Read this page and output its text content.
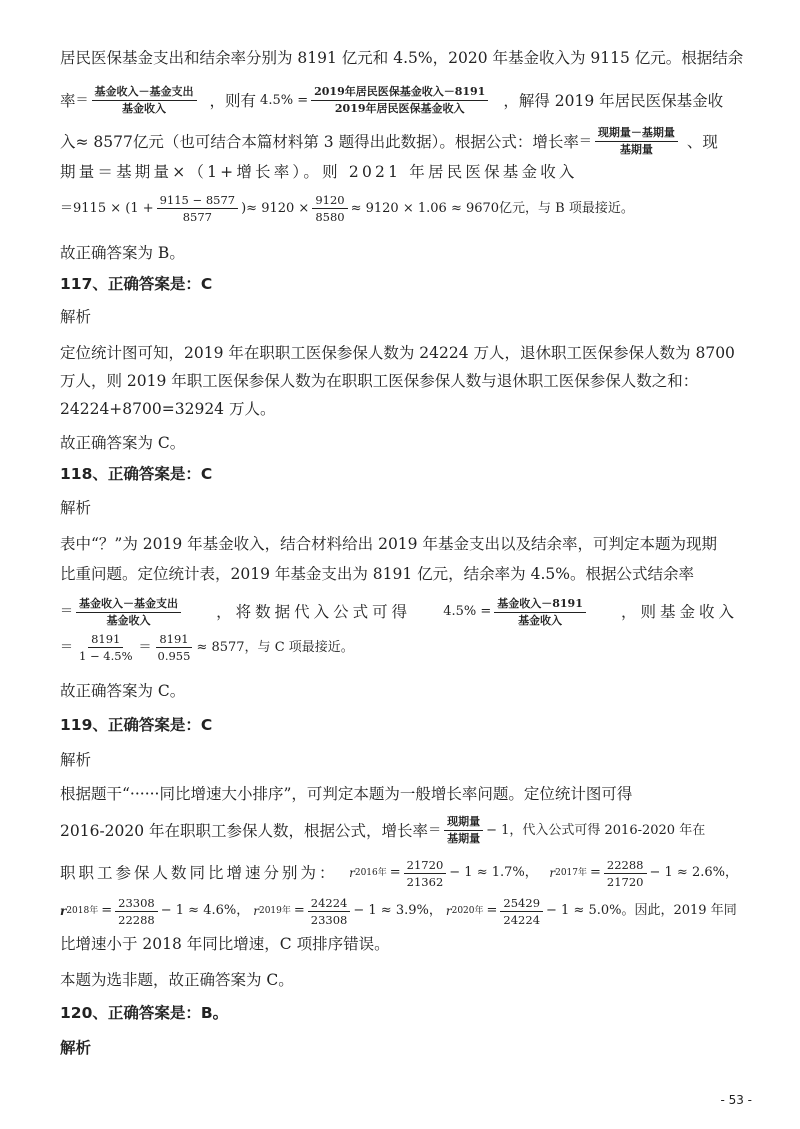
居民医保基金支出和结余率分别为 8191 亿元和 4.5%，2020 年基金收入为 9115 亿元。根据结余
率 ＝ $\frac{\text{基金收入－基金支出}}{\text{基金收入}}$ ，则有 $4.5\% = \frac{\text{2019年居民医保基金收入－8191}}{\text{2019年居民医保基金收入}}$ ，解得 2019 年居民医保基金收
入≈ 8577亿元（也可结合本篇材料第 3 题得出此数据）。根据公式：增长率 ＝ $\frac{\text{现期量－基期量}}{\text{基期量}}$ 、现
期量＝基期量×（1+增长率）。则 2021 年居民医保基金收入
$=9115 \times (1 + \frac{9115 - 8577}{8577}$ )≈ $9120 \times \frac{9120}{8580} \approx 9120 \times 1.06 \approx 9670$亿元，与 B 项最接近。
故正确答案为 B。
117、正确答案是：C
解析
定位统计图可知，2019 年在职职工医保参保人数为 24224 万人，退休职工医保参保人数为 8700
万人，则 2019 年职工医保参保人数为在职职工医保参保人数与退休职工医保参保人数之和：
24224+8700=32924 万人。
故正确答案为 C。
118、正确答案是：C
解析
表中“？”为 2019 年基金收入，结合材料给出 2019 年基金支出以及结余率，可判定本题为现期
比重问题。定位统计表，2019 年基金支出为 8191 亿元，结余率为 4.5%。根据公式结余率
＝ $\frac{\text{基金收入－基金支出}}{\text{基金收入}}$ ，将数据代入公式可得 $4.5\% = \frac{\text{基金收入－8191}}{\text{基金收入}}$ ，则基金收入
＝ $\frac{8191}{1 - 4.5\%} = \frac{8191}{0.955} \approx 8577$，与 C 项最接近。
故正确答案为 C。
119、正确答案是：C
解析
根据题干“······同比增速大小排序”，可判定本题为一般增长率问题。定位统计图可得
2016-2020 年在职职工参保人数，根据公式，增长率 ＝ $\frac{\text{现期量}}{\text{基期量}} - 1$，代入公式可得 2016-2020 年在
职职工参保人数同比增速分别为： r 2016年 = $\frac{21720}{21362} - 1 \approx 1.7\%$， r 2017年 = $\frac{22288}{21720} - 1 \approx 2.6\%$，
r 2018年 = $\frac{23308}{22288} - 1 \approx 4.6\%$， r 2019年 = $\frac{24224}{23308} - 1 \approx 3.9\%$， r 2020年 = $\frac{25429}{24224} - 1 \approx 5.0\%$。因此，2019 年同
比增速小于 2018 年同比增速，C 项排序错误。
本题为选非题，故正确答案为 C。
120、正确答案是：B。
解析
- 53 -
